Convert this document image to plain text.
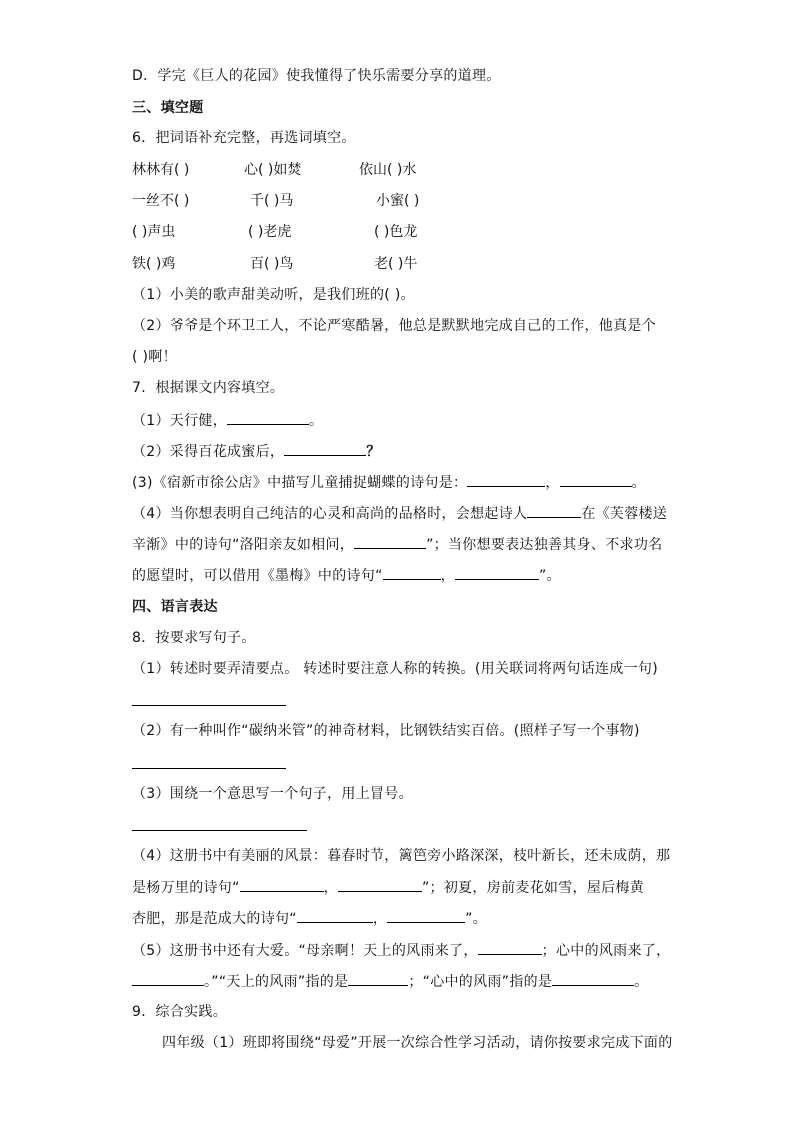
D．学完《巨人的花园》使我懂得了快乐需要分享的道理。
三、填空题
6．把词语补充完整，再选词填空。
林林有( )	心( )如焚	依山( )水
一丝不( )	千( )马	小蜜( )
( )声虫	( )老虎	( )色龙
铁( )鸡	百( )鸟	老( )牛
（1）小美的歌声甜美动听，是我们班的( )。
（2）爷爷是个环卫工人，不论严寒酷暑，他总是默默地完成自己的工作，他真是个
( )啊！
7．根据课文内容填空。
（1）天行健，	。
（2）采得百花成蜜后，	？
(3)《宿新市徐公店》中描写儿童捕捉蝴蝶的诗句是：	，	。
（4）当你想表明自己纯洁的心灵和高尚的品格时，会想起诗人	在《芙蓉楼送
辛渐》中的诗句“洛阳亲友如相问，	”；当你想要表达独善其身、不求功名
的愿望时，可以借用《墨梅》中的诗句“	，	”。
四、语言表达
8．按要求写句子。
（1）转述时要弄清要点。 转述时要注意人称的转换。(用关联词将两句话连成一句)
（2）有一种叫作“碳纳米管”的神奇材料，比钢铁结实百倍。(照样子写一个事物)
（3）围绕一个意思写一个句子，用上冒号。
（4）这册书中有美丽的风景：暮春时节，篱笆旁小路深深，枝叶新长，还未成荫，那
是杨万里的诗句“	，	”；初夏，房前麦花如雪，屋后梅黄
杏肥，那是范成大的诗句“	，	”。
（5）这册书中还有大爱。“母亲啊！天上的风雨来了，	；心中的风雨来了，
。”“天上的风雨”指的是	；“心中的风雨”指的是	。
9．综合实践。
四年级（1）班即将围绕“母爱”开展一次综合性学习活动，请你按要求完成下面的
